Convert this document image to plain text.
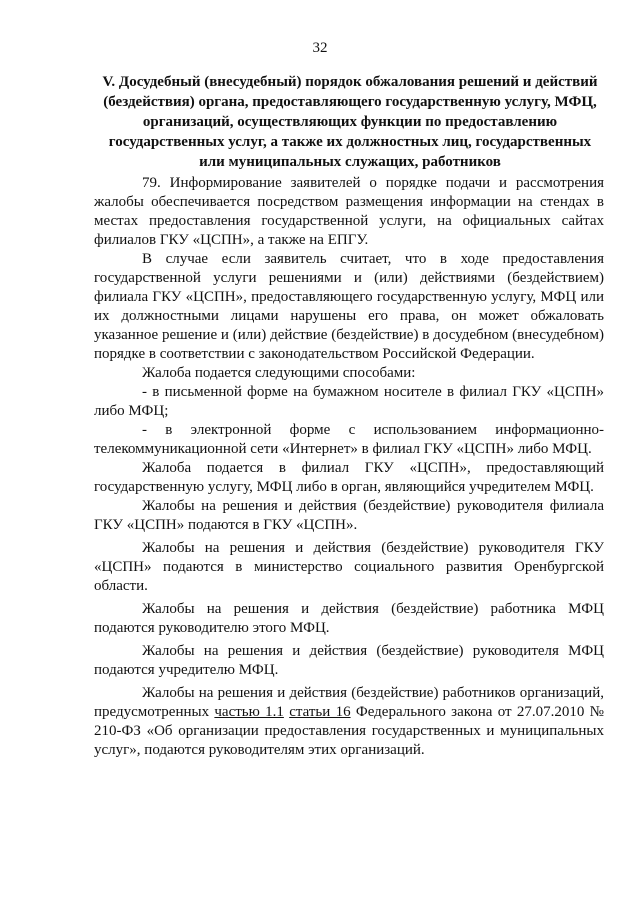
32
V. Досудебный (внесудебный) порядок обжалования решений и действий (бездействия) органа, предоставляющего государственную услугу, МФЦ, организаций, осуществляющих функции по предоставлению государственных услуг, а также их должностных лиц, государственных или муниципальных служащих, работников

79. Информирование заявителей о порядке подачи и рассмотрения жалобы обеспечивается посредством размещения информации на стендах в местах предоставления государственной услуги, на официальных сайтах филиалов ГКУ «ЦСПН», а также на ЕПГУ.

В случае если заявитель считает, что в ходе предоставления государственной услуги решениями и (или) действиями (бездействием) филиала ГКУ «ЦСПН», предоставляющего государственную услугу, МФЦ или их должностными лицами нарушены его права, он может обжаловать указанное решение и (или) действие (бездействие) в досудебном (внесудебном) порядке в соответствии с законодательством Российской Федерации.

Жалоба подается следующими способами:

- в письменной форме на бумажном носителе в филиал ГКУ «ЦСПН» либо МФЦ;

- в электронной форме с использованием информационно-телекоммуникационной сети «Интернет» в филиал ГКУ «ЦСПН» либо МФЦ.

Жалоба подается в филиал ГКУ «ЦСПН», предоставляющий государственную услугу, МФЦ либо в орган, являющийся учредителем МФЦ.

Жалобы на решения и действия (бездействие) руководителя филиала ГКУ «ЦСПН» подаются в ГКУ «ЦСПН».

Жалобы на решения и действия (бездействие) руководителя ГКУ «ЦСПН» подаются в министерство социального развития Оренбургской области.

Жалобы на решения и действия (бездействие) работника МФЦ подаются руководителю этого МФЦ.

Жалобы на решения и действия (бездействие) руководителя МФЦ подаются учредителю МФЦ.

Жалобы на решения и действия (бездействие) работников организаций, предусмотренных частью 1.1 статьи 16 Федерального закона от 27.07.2010 № 210-ФЗ «Об организации предоставления государственных и муниципальных услуг», подаются руководителям этих организаций.
